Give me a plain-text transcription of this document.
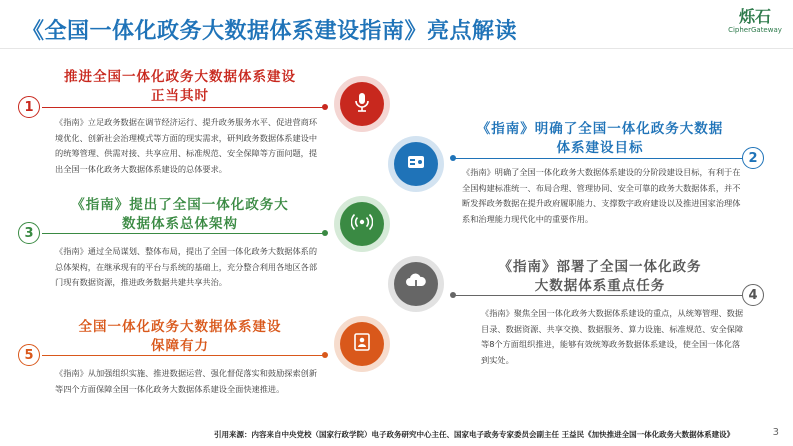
《全国一体化政务大数据体系建设指南》亮点解读
烁石
CipherGateway
推进全国一体化政务大数据体系建设
正当其时
1
《指南》立足政务数据在调节经济运行、提升政务服务水平、促进营商环境优化、创新社会治理模式等方面的现实需求，研判政务数据体系建设中的统筹管理、供需对接、共享应用、标准规范、安全保障等方面问题，提出全国一体化政务大数据体系建设的总体要求。
《指南》提出了全国一体化政务大
数据体系总体架构
3
《指南》通过全局谋划、整体布局，提出了全国一体化政务大数据体系的总体架构，在继承现有的平台与系统的基础上，充分整合利用各地区各部门现有数据资源，推进政务数据共建共享共治。
全国一体化政务大数据体系建设
保障有力
5
《指南》从加强组织实施、推进数据运营、强化督促落实和鼓励探索创新等四个方面保障全国一体化政务大数据体系建设全面快速推进。
《指南》明确了全国一体化政务大数据
体系建设目标
2
《指南》明确了全国一体化政务大数据体系建设的分阶段建设目标，有利于在全国构建标准统一、布局合理、管理协同、安全可靠的政务大数据体系，并不断发挥政务数据在提升政府履职能力、支撑数字政府建设以及推进国家治理体系和治理能力现代化中的重要作用。
《指南》部署了全国一体化政务
大数据体系重点任务
4
《指南》聚焦全国一体化政务大数据体系建设的重点，从统筹管理、数据目录、数据资源、共享交换、数据服务、算力设施、标准规范、安全保障等8个方面组织推进，能够有效统筹政务数据体系建设，使全国一体化落到实处。
引用来源：内容来自中央党校（国家行政学院）电子政务研究中心主任、国家电子政务专家委员会副主任 王益民《加快推进全国一体化政务大数据体系建设》	3
